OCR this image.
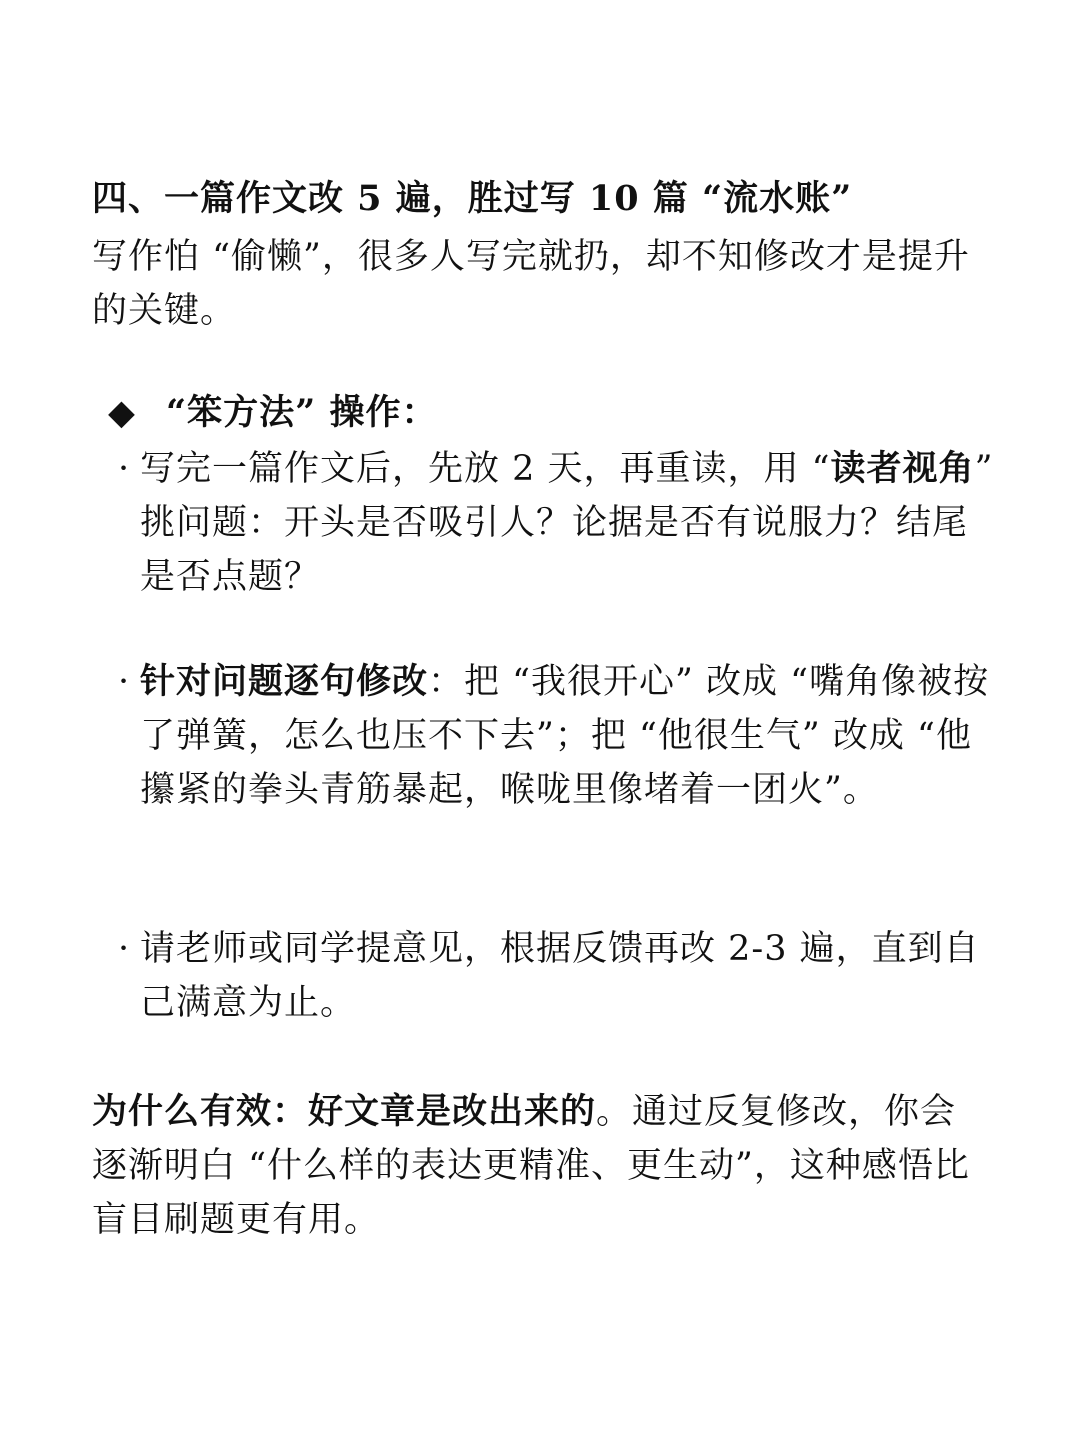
四、一篇作文改 5 遍，胜过写 10 篇 “流水账”
写作怕 “偷懒”，很多人写完就扔，却不知修改才是提升的关键。
◆ “笨方法” 操作：
· 写完一篇作文后，先放 2 天，再重读，用 “读者视角” 挑问题：开头是否吸引人？论据是否有说服力？结尾是否点题？
· 针对问题逐句修改：把 “我很开心” 改成 “嘴角像被按了弹簧，怎么也压不下去”；把 “他很生气” 改成 “他攥紧的拳头青筋暴起，喉咙里像堵着一团火”。
· 请老师或同学提意见，根据反馈再改 2-3 遍，直到自己满意为止。
为什么有效：好文章是改出来的。通过反复修改，你会逐渐明白 “什么样的表达更精准、更生动”，这种感悟比盲目刷题更有用。
